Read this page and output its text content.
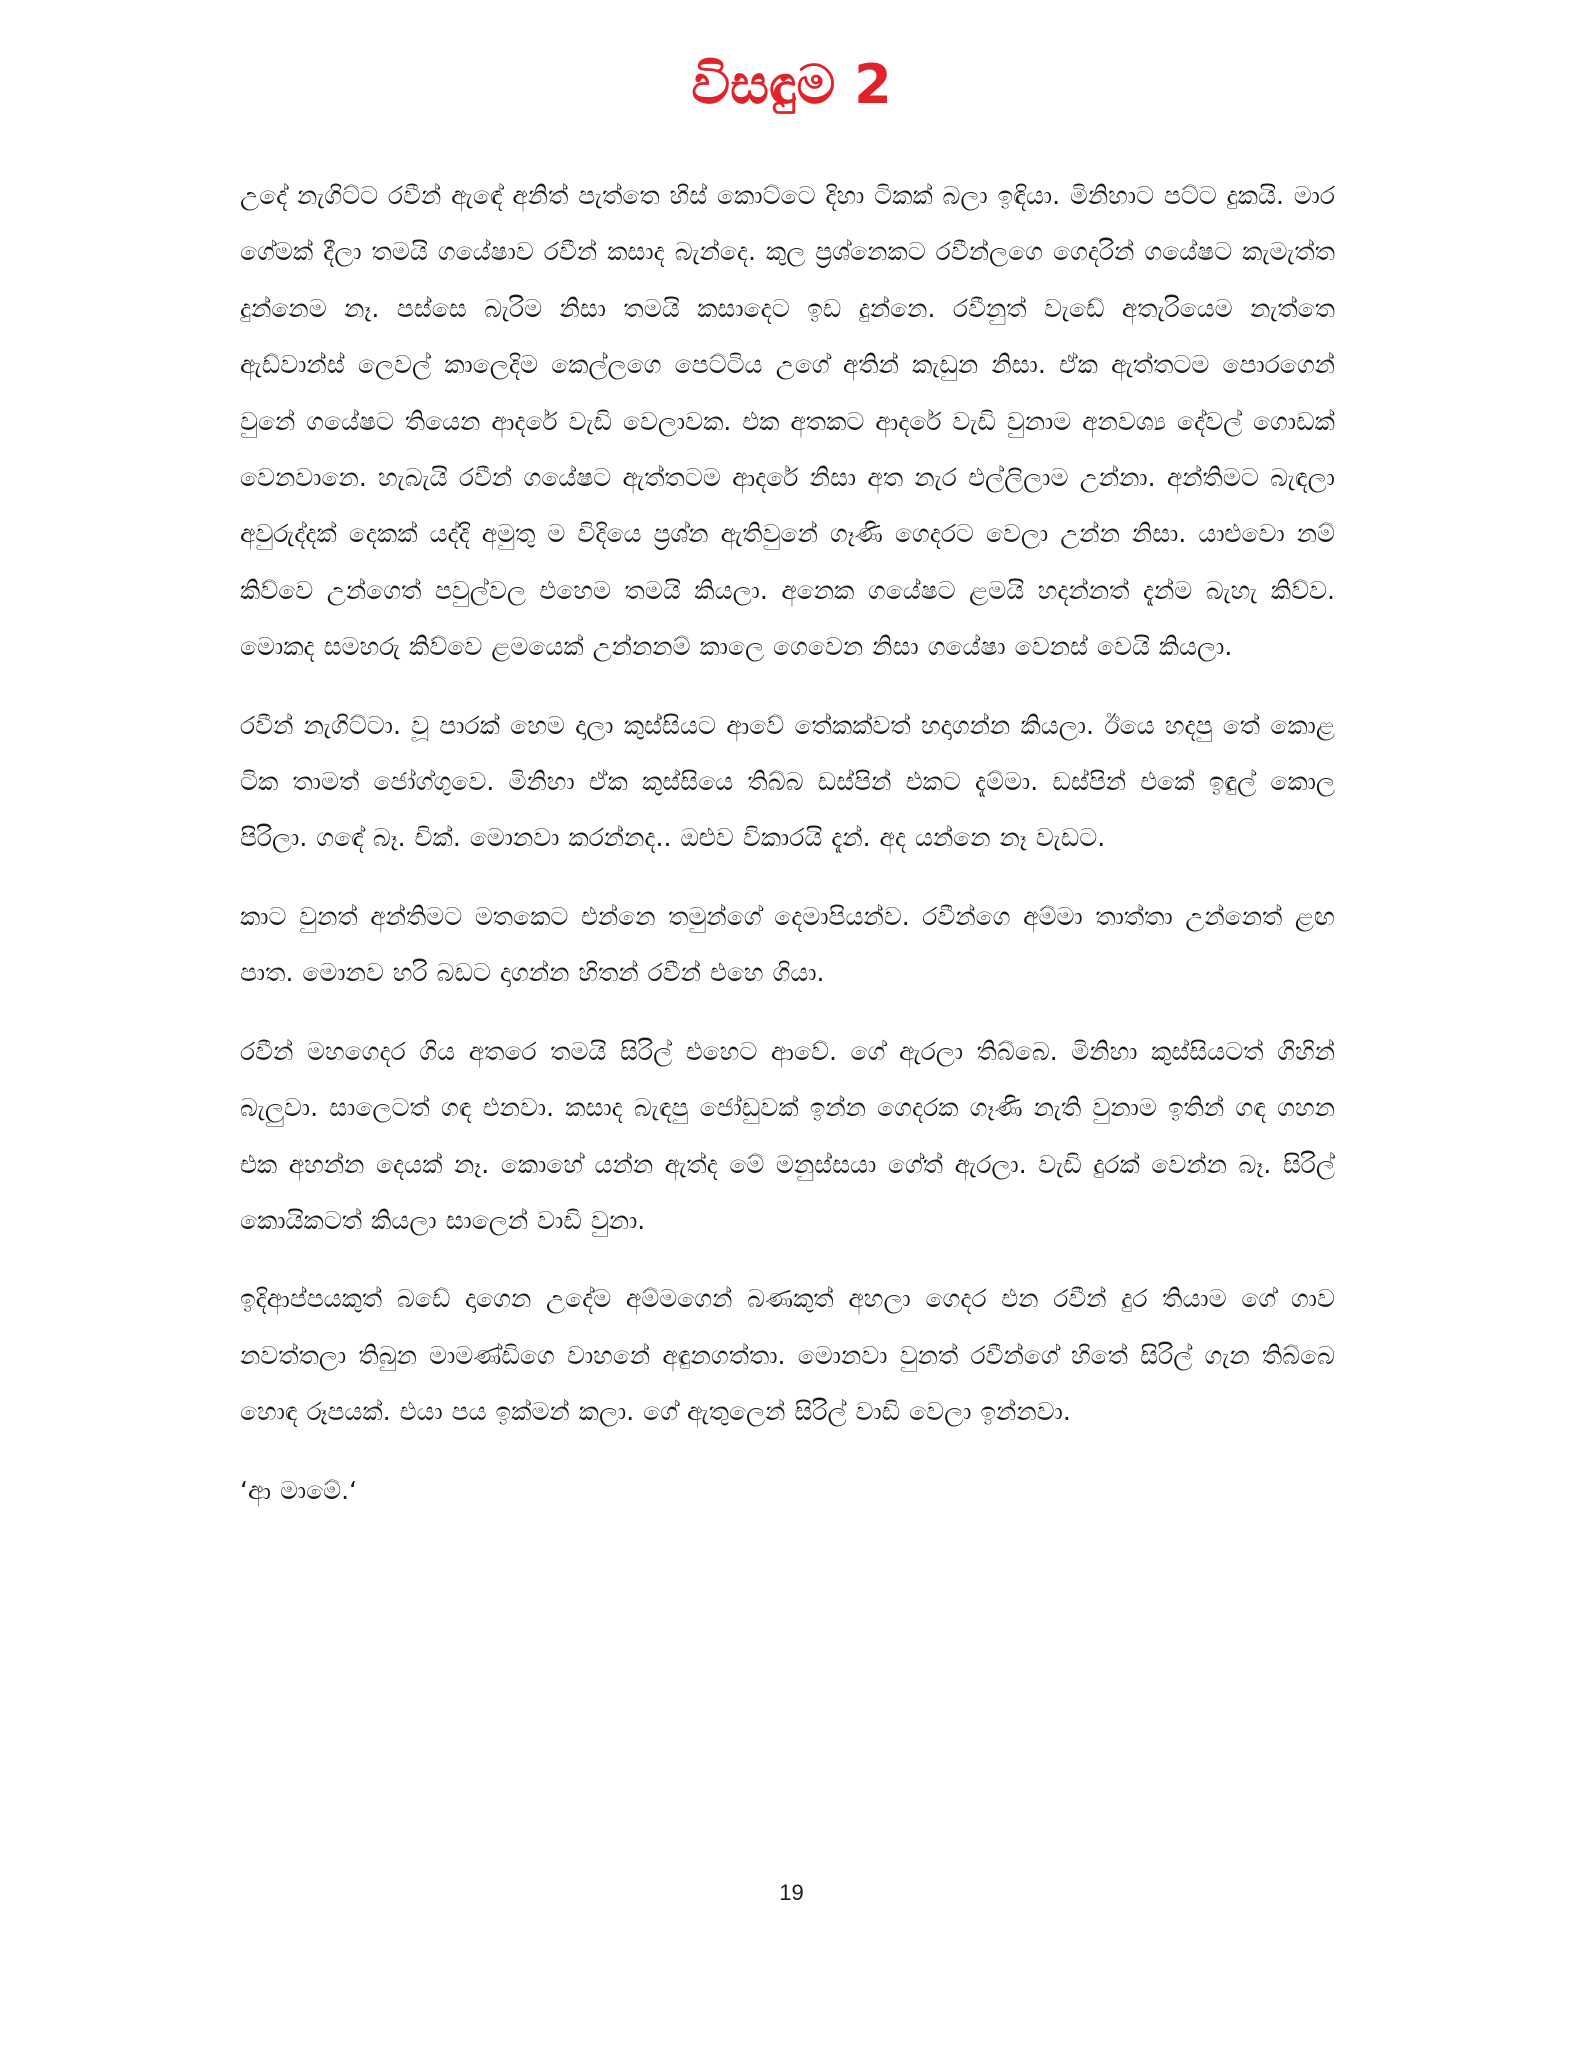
විසඳුම 2

උදේ නැගිට්ට රවීන් ඇඳේ අනිත් පැත්තෙ හිස් කොට්ටෙ දිහා ටිකක් බලා ඉඳියා. මිනිහාට පට්ට දුකයි. මාර ගේමක් දීලා තමයි ගයේෂාව රවීන් කසාද බැන්දෙ. කුල ප්‍රශ්නෙකට රවීන්ලගෙ ගෙදරින් ගයේෂට කැමැත්ත දුන්නෙම නෑ. පස්සෙ බැරිම නිසා තමයි කසාදෙට ඉඩ දුන්නෙ. රවීනුත් වැඩේ අතැරියෙම නැත්තෙ ඇඩ්වාන්ස් ලෙවල් කාලෙදිම කෙල්ලගෙ පෙට්ටිය උගේ අතින් කැඩුන නිසා. ඒක ඇත්තටම පොරගෙන් වුනේ ගයේෂට තියෙන ආදරේ වැඩි වෙලාවක. එක අතකට ආදරේ වැඩි වුනාම අනවශ්‍ය දේවල් ගොඩක් වෙනවානෙ. හැබැයි රවීන් ගයේෂට ඇත්තටම ආදරේ නිසා අත නැර එල්ලිලාම උන්නා. අන්තිමට බැඳලා අවුරුද්දක් දෙකක් යද්දි අමුතු ම විදියෙ ප්‍රශ්න ඇතිවුනේ ගෑණි ගෙදරට වෙලා උන්න නිසා. යාළුවො නම් කිව්වෙ උන්ගෙත් පවුල්වල එහෙම තමයි කියලා. අනෙක ගයේෂට ළමයි හදන්නත් දැන්ම බැහැ කිව්ව. මොකද සමහරු කිව්වෙ ළමයෙක් උන්නනම් කාලෙ ගෙවෙන නිසා ගයේෂා වෙනස් වෙයි කියලා.

රවීන් නැගිට්ටා. වූ පාරක් හෙම දාලා කුස්සියට ආවේ තේකක්වත් හදාගන්න කියලා. ඊයෙ හදපු තේ කොළ ටික තාමත් ජෝග්ගුවෙ. මිනිහා ඒක කුස්සියෙ තිබ්බ ඩස්පින් එකට දැම්මා. ඩස්පින් එකේ ඉඳුල් කොල පිරිලා. ගඳේ බෑ. චික්. මොනවා කරන්නද.. ඔළුව විකාරයි දැන්. අද යන්නෙ නෑ වැඩට.

කාට වුනත් අන්තිමට මතකෙට එන්නෙ තමුන්ගේ දෙමාපියන්ව. රවීන්ගෙ අම්මා තාත්තා උන්නෙත් ළඟ පාත. මොනව හරි බඩට දාගන්න හිතන් රවීන් එහෙ ගියා.

රවීන් මහගෙදර ගිය අතරෙ තමයි සිරිල් එහෙට ආවේ. ගේ ඇරලා තිබ්බෙ. මිනිහා කුස්සියටත් ගිහින් බැලුවා. සාලෙටත් ගඳ එනවා. කසාද බැඳපු ජෝඩුවක් ඉන්න ගෙදරක ගෑණි නැති වුනාම ඉතින් ගඳ ගහන එක අහන්න දෙයක් නෑ. කොහේ යන්න ඇත්ද මේ මනුස්සයා ගේත් ඇරලා. වැඩි දුරක් වෙන්න බෑ. සිරිල් කොයිකටත් කියලා සාලෙන් වාඩි වුනා.

ඉදිආප්පයකුත් බඩේ දාගෙන උදේම අම්මගෙන් බණකුත් අහලා ගෙදර එන රවීන් දුර තියාම ගේ ගාව නවත්තලා තිබුන මාමණ්ඩිගෙ වාහනේ අඳුනගත්තා. මොනවා වුනත් රවීන්ගේ හිතේ සිරිල් ගැන තිබ්බෙ හොඳ රූපයක්. එයා පය ඉක්මන් කලා. ගේ ඇතුලෙන් සිරිල් වාඩි වෙලා ඉන්නවා.

‘ආ මාමේ.‘

19
